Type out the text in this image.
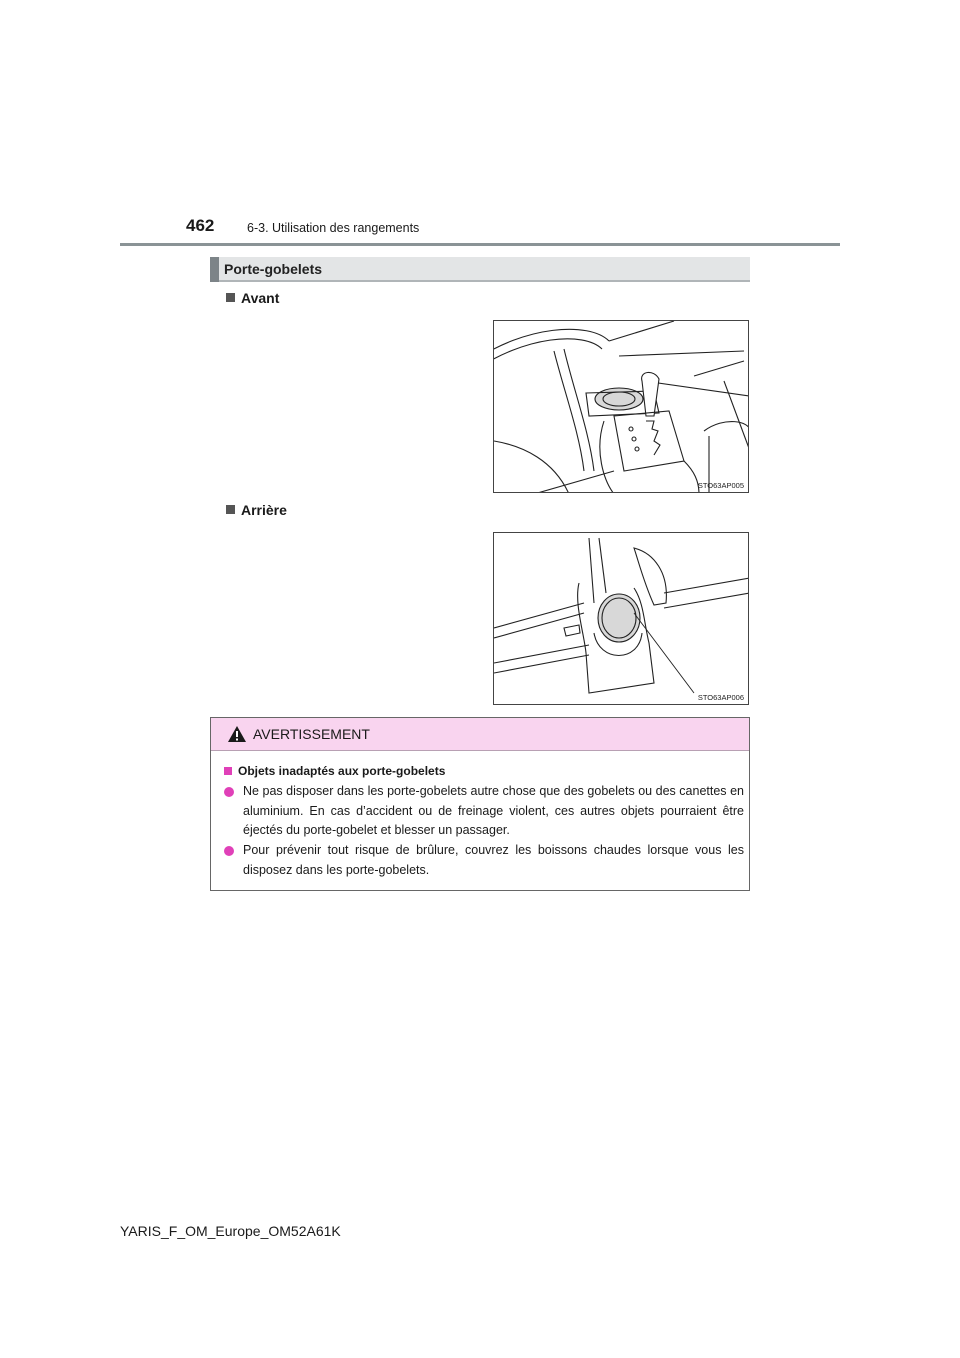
462	6-3. Utilisation des rangements
Porte-gobelets
Avant
STO63AP005
Arrière
STO63AP006
AVERTISSEMENT
Objets inadaptés aux porte-gobelets
Ne pas disposer dans les porte-gobelets autre chose que des gobelets ou des canettes en aluminium. En cas d’accident ou de freinage violent, ces autres objets pourraient être éjectés du porte-gobelet et blesser un passager.
Pour prévenir tout risque de brûlure, couvrez les boissons chaudes lorsque vous les disposez dans les porte-gobelets.
YARIS_F_OM_Europe_OM52A61K
